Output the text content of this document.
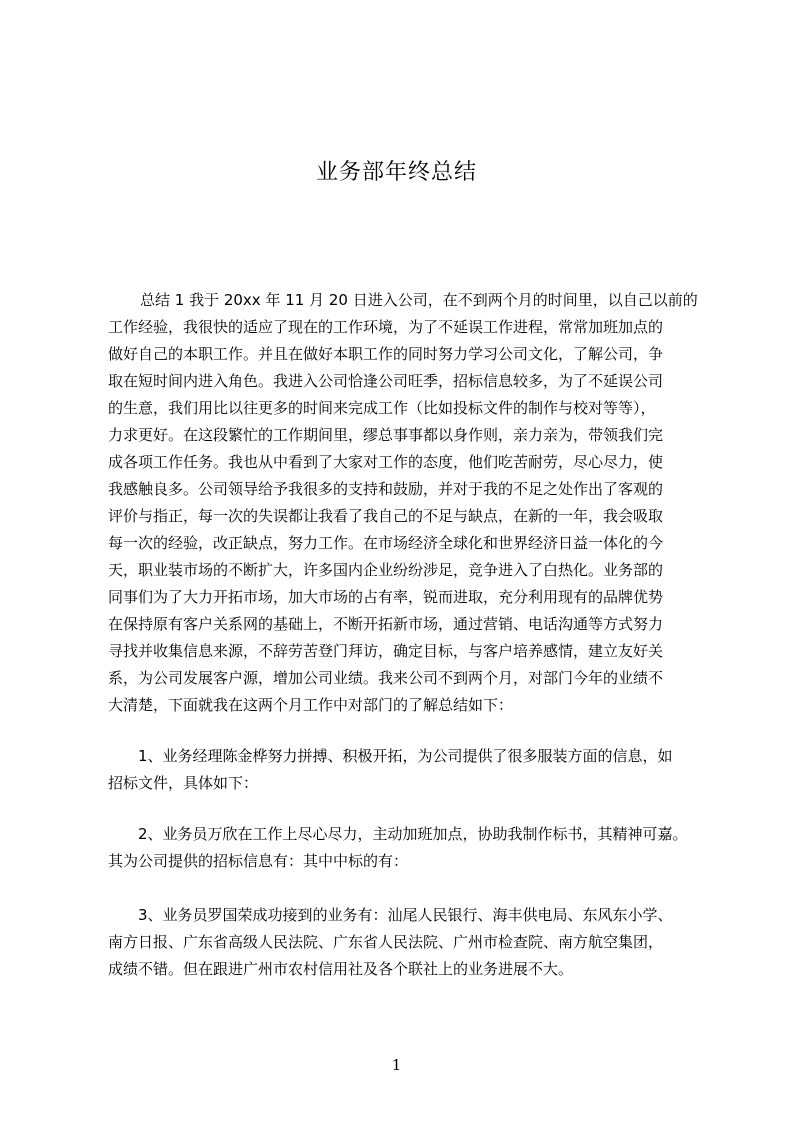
业务部年终总结
总结 1 我于 20xx 年 11 月 20 日进入公司，在不到两个月的时间里，以自己以前的
工作经验，我很快的适应了现在的工作环境，为了不延误工作进程，常常加班加点的
做好自己的本职工作。并且在做好本职工作的同时努力学习公司文化，了解公司，争
取在短时间内进入角色。我进入公司恰逢公司旺季，招标信息较多，为了不延误公司
的生意，我们用比以往更多的时间来完成工作（比如投标文件的制作与校对等等），
力求更好。在这段繁忙的工作期间里，缪总事事都以身作则，亲力亲为，带领我们完
成各项工作任务。我也从中看到了大家对工作的态度，他们吃苦耐劳，尽心尽力，使
我感触良多。公司领导给予我很多的支持和鼓励，并对于我的不足之处作出了客观的
评价与指正，每一次的失误都让我看了我自己的不足与缺点，在新的一年，我会吸取
每一次的经验，改正缺点，努力工作。在市场经济全球化和世界经济日益一体化的今
天，职业装市场的不断扩大，许多国内企业纷纷涉足，竞争进入了白热化。业务部的
同事们为了大力开拓市场，加大市场的占有率，锐而进取，充分利用现有的品牌优势
在保持原有客户关系网的基础上，不断开拓新市场，通过营销、电话沟通等方式努力
寻找并收集信息来源，不辞劳苦登门拜访，确定目标，与客户培养感情，建立友好关
系，为公司发展客户源，增加公司业绩。我来公司不到两个月，对部门今年的业绩不
大清楚，下面就我在这两个月工作中对部门的了解总结如下：
1、业务经理陈金桦努力拼搏、积极开拓，为公司提供了很多服装方面的信息，如
招标文件，具体如下：
2、业务员万欣在工作上尽心尽力，主动加班加点，协助我制作标书，其精神可嘉。
其为公司提供的招标信息有：其中中标的有：
3、业务员罗国荣成功接到的业务有：汕尾人民银行、海丰供电局、东风东小学、
南方日报、广东省高级人民法院、广东省人民法院、广州市检查院、南方航空集团，
成绩不错。但在跟进广州市农村信用社及各个联社上的业务进展不大。
1
